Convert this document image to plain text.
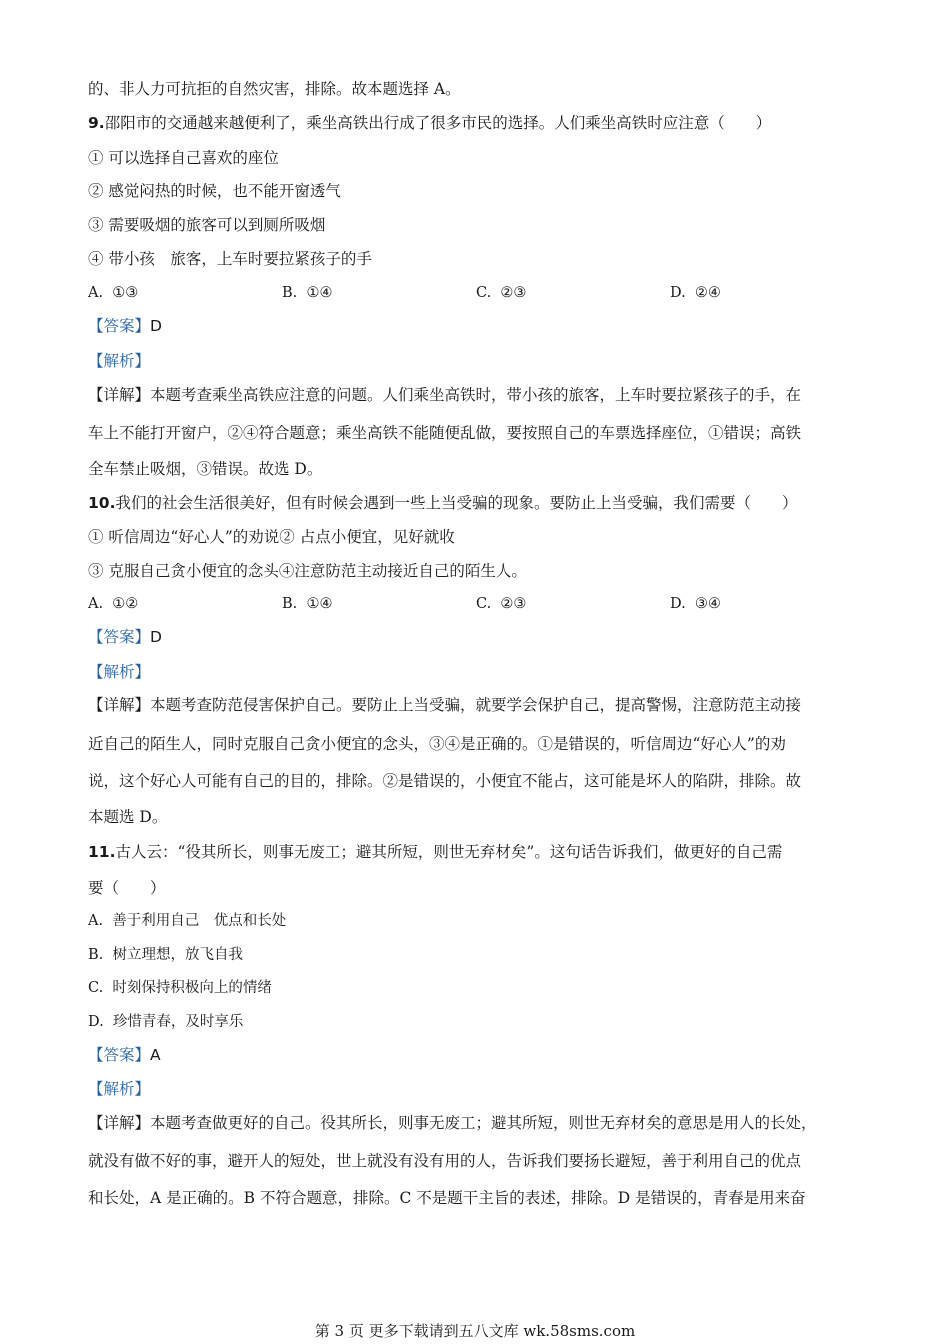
的、非人力可抗拒的自然灾害，排除。故本题选择 A。
9.邵阳市的交通越来越便利了，乘坐高铁出行成了很多市民的选择。人们乘坐高铁时应注意（　　）
① 可以选择自己喜欢的座位
② 感觉闷热的时候，也不能开窗透气
③ 需要吸烟的旅客可以到厕所吸烟
④ 带小孩　旅客，上车时要拉紧孩子的手
A.  ①③	B.  ①④	C.  ②③	D.  ②④
【答案】D
【解析】
【详解】本题考查乘坐高铁应注意的问题。人们乘坐高铁时，带小孩的旅客，上车时要拉紧孩子的手，在
车上不能打开窗户，②④符合题意；乘坐高铁不能随便乱做，要按照自己的车票选择座位，①错误；高铁
全车禁止吸烟，③错误。故选 D。
10.我们的社会生活很美好，但有时候会遇到一些上当受骗的现象。要防止上当受骗，我们需要（　　）
① 听信周边“好心人”的劝说② 占点小便宜，见好就收
③ 克服自己贪小便宜的念头④注意防范主动接近自己的陌生人。
A.  ①②	B.  ①④	C.  ②③	D.  ③④
【答案】D
【解析】
【详解】本题考查防范侵害保护自己。要防止上当受骗，就要学会保护自己，提高警惕，注意防范主动接
近自己的陌生人，同时克服自己贪小便宜的念头，③④是正确的。①是错误的，听信周边“好心人”的劝
说，这个好心人可能有自己的目的，排除。②是错误的，小便宜不能占，这可能是坏人的陷阱，排除。故
本题选 D。
11.古人云：“役其所长，则事无废工；避其所短，则世无弃材矣”。这句话告诉我们，做更好的自己需
要（　　）
A.  善于利用自己　优点和长处
B.  树立理想，放飞自我
C.  时刻保持积极向上的情绪
D.  珍惜青春，及时享乐
【答案】A
【解析】
【详解】本题考查做更好的自己。役其所长，则事无废工；避其所短，则世无弃材矣的意思是用人的长处，
就没有做不好的事，避开人的短处，世上就没有没有用的人，告诉我们要扬长避短，善于利用自己的优点
和长处，A 是正确的。B 不符合题意，排除。C 不是题干主旨的表述，排除。D 是错误的，青春是用来奋
第 3 页 更多下载请到五八文库 wk.58sms.com
